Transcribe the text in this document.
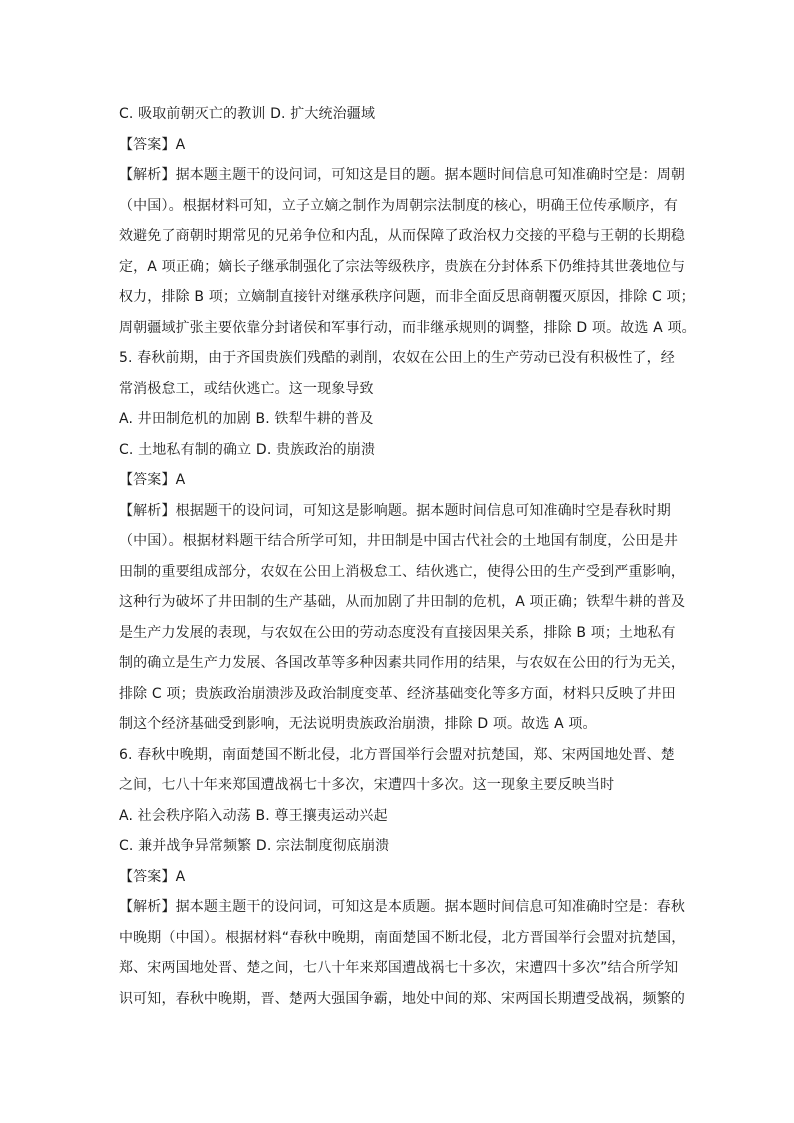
C. 吸取前朝灭亡的教训 D. 扩大统治疆域
【答案】A
【解析】据本题主题干的设问词，可知这是目的题。据本题时间信息可知准确时空是：周朝
（中国）。根据材料可知，立子立嫡之制作为周朝宗法制度的核心，明确王位传承顺序，有
效避免了商朝时期常见的兄弟争位和内乱，从而保障了政治权力交接的平稳与王朝的长期稳
定，A 项正确；嫡长子继承制强化了宗法等级秩序，贵族在分封体系下仍维持其世袭地位与
权力，排除 B 项；立嫡制直接针对继承秩序问题，而非全面反思商朝覆灭原因，排除 C 项；
周朝疆域扩张主要依靠分封诸侯和军事行动，而非继承规则的调整，排除 D 项。故选 A 项。
5. 春秋前期，由于齐国贵族们残酷的剥削，农奴在公田上的生产劳动已没有积极性了，经
常消极怠工，或结伙逃亡。这一现象导致
A. 井田制危机的加剧 B. 铁犁牛耕的普及
C. 土地私有制的确立 D. 贵族政治的崩溃
【答案】A
【解析】根据题干的设问词，可知这是影响题。据本题时间信息可知准确时空是春秋时期
（中国）。根据材料题干结合所学可知，井田制是中国古代社会的土地国有制度，公田是井
田制的重要组成部分，农奴在公田上消极怠工、结伙逃亡，使得公田的生产受到严重影响，
这种行为破坏了井田制的生产基础，从而加剧了井田制的危机，A 项正确；铁犁牛耕的普及
是生产力发展的表现，与农奴在公田的劳动态度没有直接因果关系，排除 B 项；土地私有
制的确立是生产力发展、各国改革等多种因素共同作用的结果，与农奴在公田的行为无关，
排除 C 项；贵族政治崩溃涉及政治制度变革、经济基础变化等多方面，材料只反映了井田
制这个经济基础受到影响，无法说明贵族政治崩溃，排除 D 项。故选 A 项。
6. 春秋中晚期，南面楚国不断北侵，北方晋国举行会盟对抗楚国，郑、宋两国地处晋、楚
之间，七八十年来郑国遭战祸七十多次，宋遭四十多次。这一现象主要反映当时
A. 社会秩序陷入动荡 B. 尊王攘夷运动兴起
C. 兼并战争异常频繁 D. 宗法制度彻底崩溃
【答案】A
【解析】据本题主题干的设问词，可知这是本质题。据本题时间信息可知准确时空是：春秋
中晚期（中国）。根据材料“春秋中晚期，南面楚国不断北侵，北方晋国举行会盟对抗楚国，
郑、宋两国地处晋、楚之间，七八十年来郑国遭战祸七十多次，宋遭四十多次”结合所学知
识可知，春秋中晚期，晋、楚两大强国争霸，地处中间的郑、宋两国长期遭受战祸，频繁的
